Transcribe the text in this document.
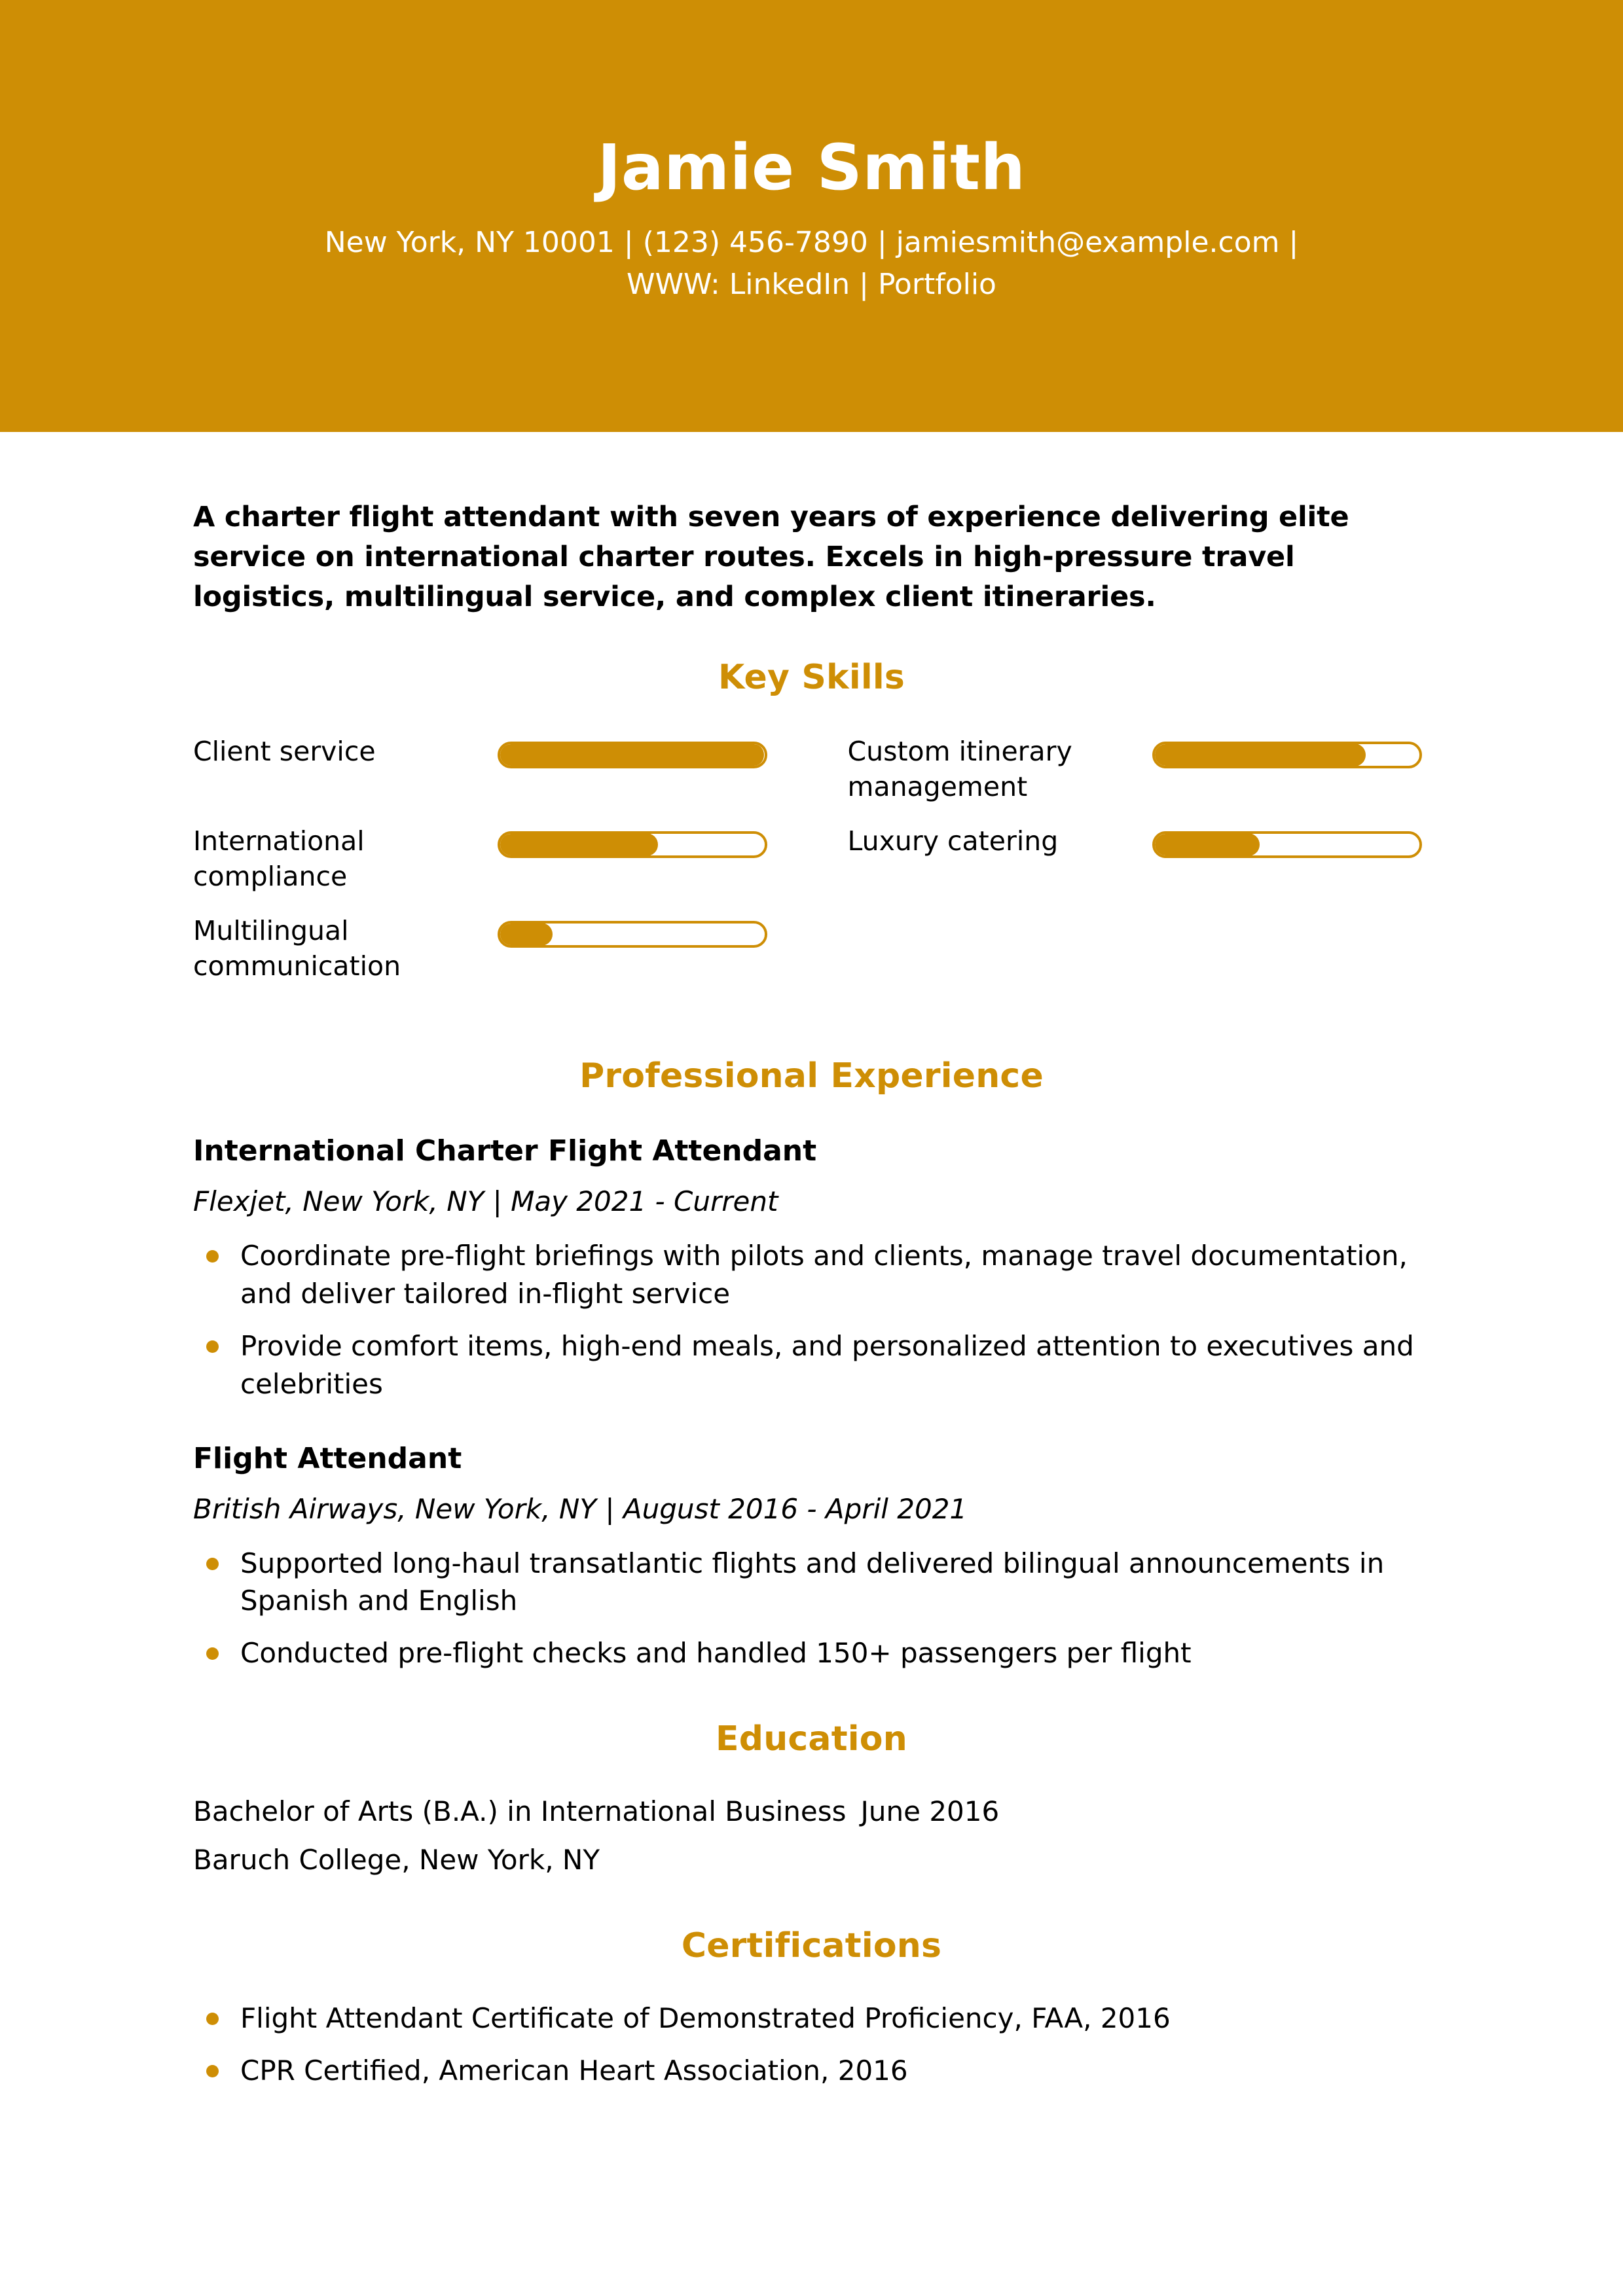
Jamie Smith
New York, NY 10001 | (123) 456-7890 | jamiesmith@example.com |
WWW: LinkedIn | Portfolio
A charter flight attendant with seven years of experience delivering elite service on international charter routes. Excels in high-pressure travel logistics, multilingual service, and complex client itineraries.
Key Skills
Client service	Custom itinerary management
International compliance
Luxury catering
Multilingual communication
Professional Experience
International Charter Flight Attendant
Flexjet, New York, NY | May 2021 - Current
Coordinate pre-flight briefings with pilots and clients, manage travel documentation, and deliver tailored in-flight service
Provide comfort items, high-end meals, and personalized attention to executives and celebrities
Flight Attendant
British Airways, New York, NY | August 2016 - April 2021
Supported long-haul transatlantic flights and delivered bilingual announcements in Spanish and English
Conducted pre-flight checks and handled 150+ passengers per flight
Education
Bachelor of Arts (B.A.) in International Business June 2016
Baruch College, New York, NY
Certifications
Flight Attendant Certificate of Demonstrated Proficiency, FAA, 2016
CPR Certified, American Heart Association, 2016
